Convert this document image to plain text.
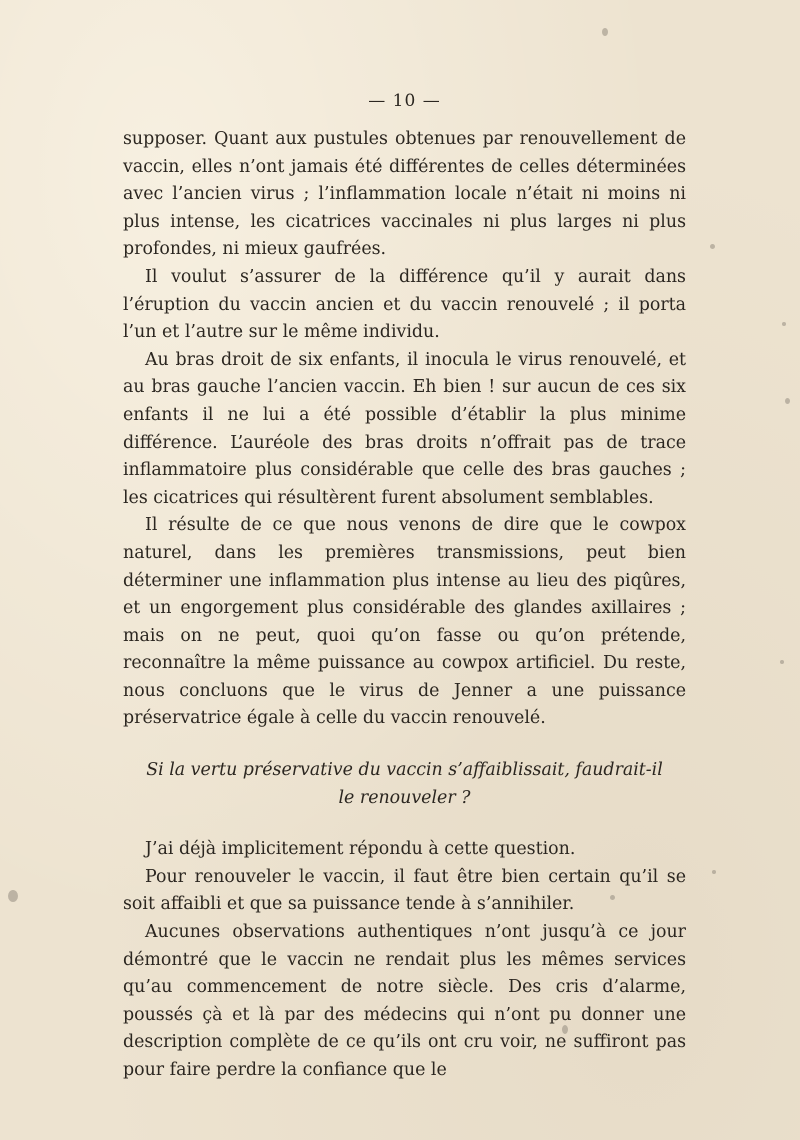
— 10 —

supposer. Quant aux pustules obtenues par renouvellement de vaccin, elles n’ont jamais été différentes de celles déterminées avec l’ancien virus ; l’inflammation locale n’était ni moins ni plus intense, les cicatrices vaccinales ni plus larges ni plus profondes, ni mieux gaufrées.

Il voulut s’assurer de la différence qu’il y aurait dans l’éruption du vaccin ancien et du vaccin renouvelé ; il porta l’un et l’autre sur le même individu.

Au bras droit de six enfants, il inocula le virus renouvelé, et au bras gauche l’ancien vaccin. Eh bien ! sur aucun de ces six enfants il ne lui a été possible d’établir la plus minime différence. L’auréole des bras droits n’offrait pas de trace inflammatoire plus considérable que celle des bras gauches ; les cicatrices qui résultèrent furent absolument semblables.

Il résulte de ce que nous venons de dire que le cowpox naturel, dans les premières transmissions, peut bien déterminer une inflammation plus intense au lieu des piqûres, et un engorgement plus considérable des glandes axillaires ; mais on ne peut, quoi qu’on fasse ou qu’on prétende, reconnaître la même puissance au cowpox artificiel. Du reste, nous concluons que le virus de Jenner a une puissance préservatrice égale à celle du vaccin renouvelé.

Si la vertu préservative du vaccin s’affaiblissait, faudrait-il le renouveler ?

J’ai déjà implicitement répondu à cette question.

Pour renouveler le vaccin, il faut être bien certain qu’il se soit affaibli et que sa puissance tende à s’annihiler.

Aucunes observations authentiques n’ont jusqu’à ce jour démontré que le vaccin ne rendait plus les mêmes services qu’au commencement de notre siècle. Des cris d’alarme, poussés çà et là par des médecins qui n’ont pu donner une description complète de ce qu’ils ont cru voir, ne suffiront pas pour faire perdre la confiance que le
